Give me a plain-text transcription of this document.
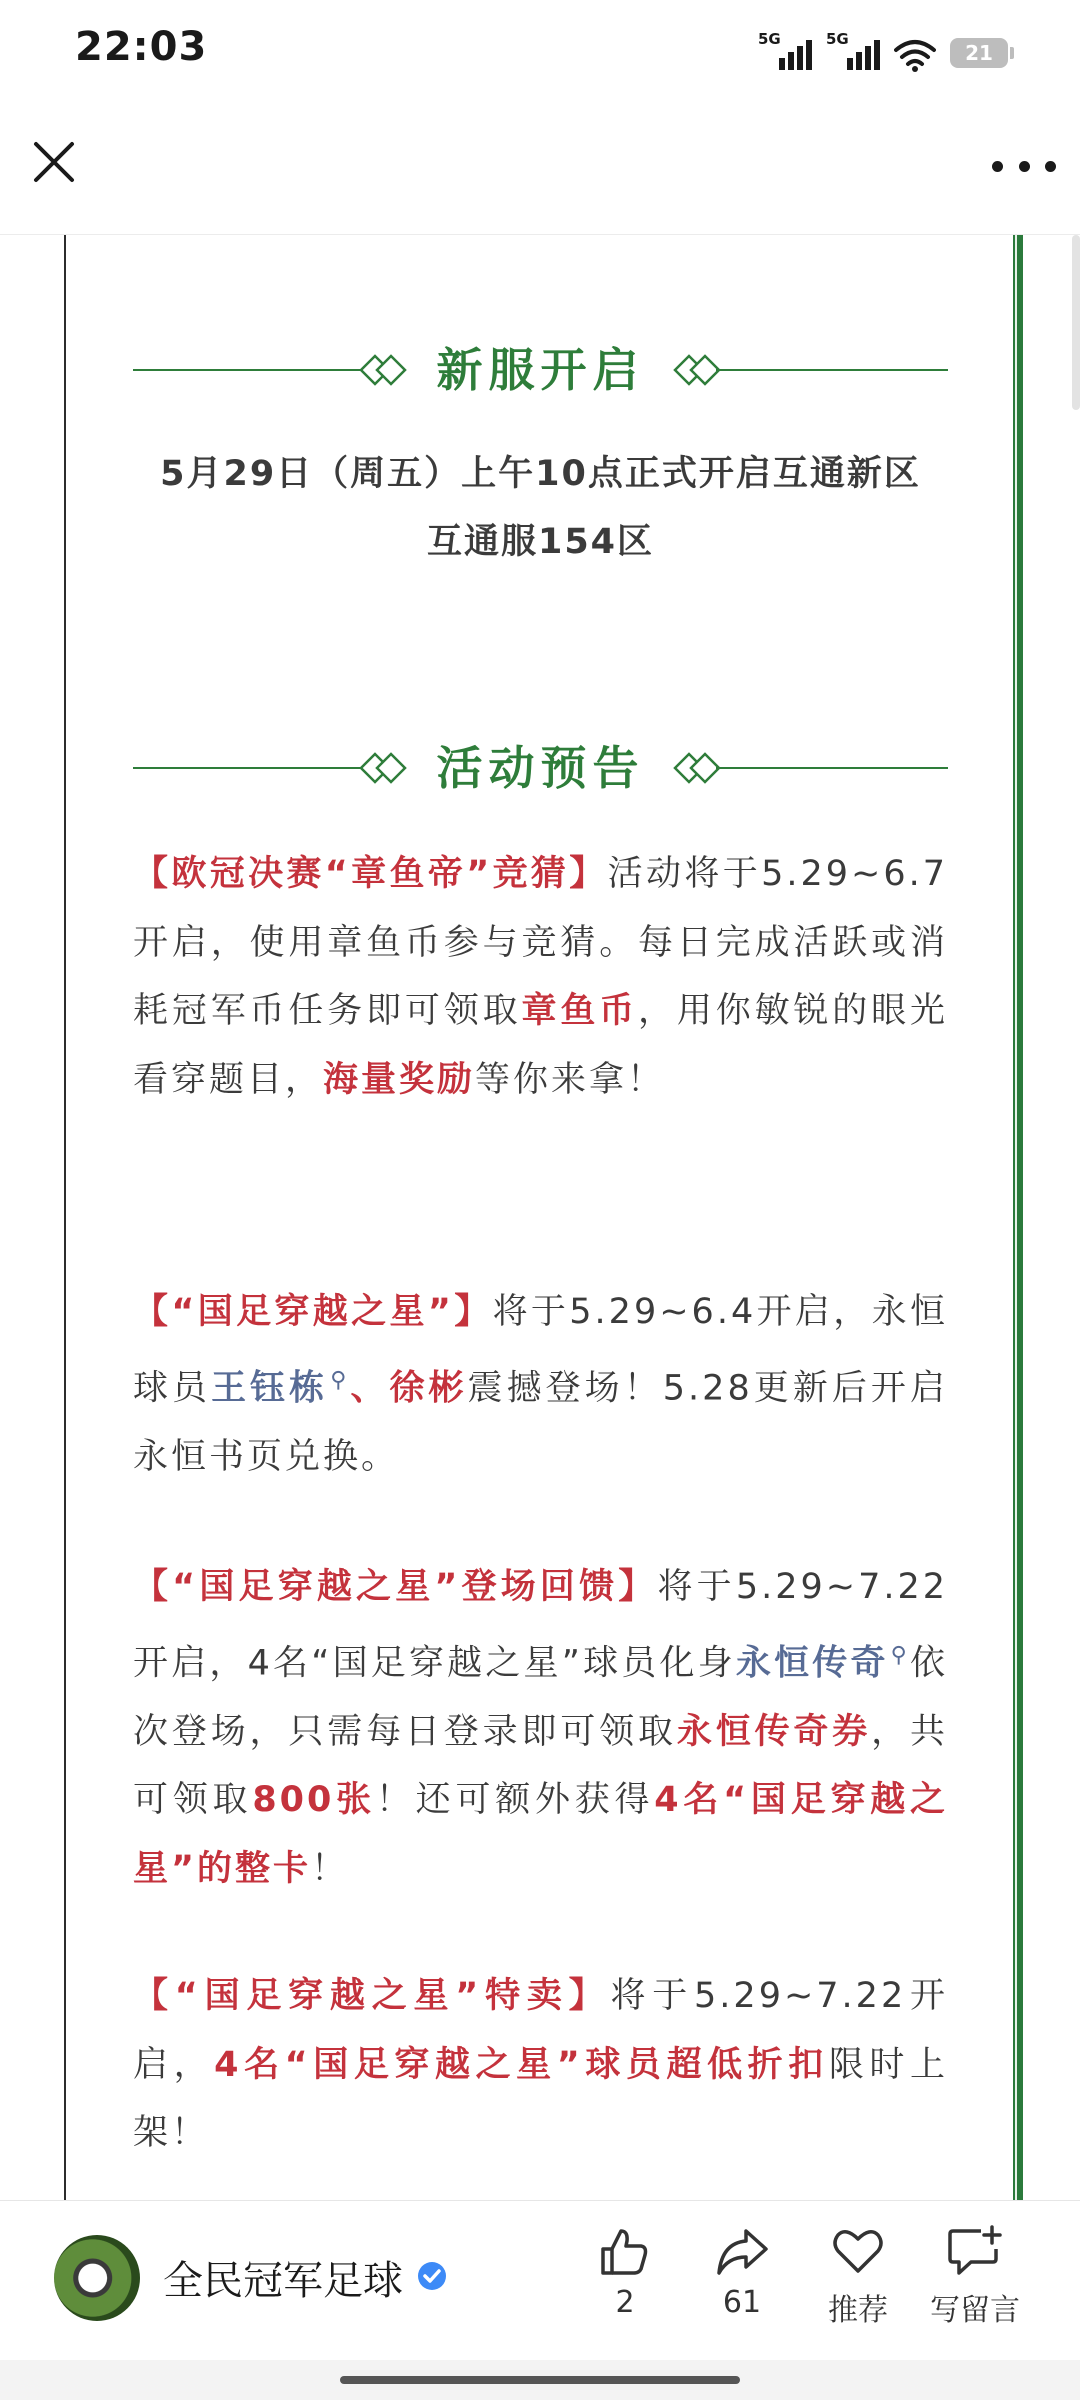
22:03	5G	5G
21
新服开启
5月29日（周五）上午10点正式开启互通新区
互通服154区
活动预告
【欧冠决赛“章鱼帝”竞猜】活动将于5.29~6.7开启，使用章鱼币参与竞猜。每日完成活跃或消耗冠军币任务即可领取章鱼币，用你敏锐的眼光看穿题目，海量奖励等你来拿！
【“国足穿越之星”】将于5.29~6.4开启，永恒球员王钰栋⚲、徐彬震撼登场！5.28更新后开启永恒书页兑换。
【“国足穿越之星”登场回馈】将于5.29~7.22开启，4名“国足穿越之星”球员化身永恒传奇⚲依次登场，只需每日登录即可领取永恒传奇券，共可领取800张！还可额外获得4名“国足穿越之星”的整卡！
【“国足穿越之星”特卖】将于5.29~7.22开启，4名“国足穿越之星”球员超低折扣限时上架！
全民冠军足球	2	61	推荐	写留言
